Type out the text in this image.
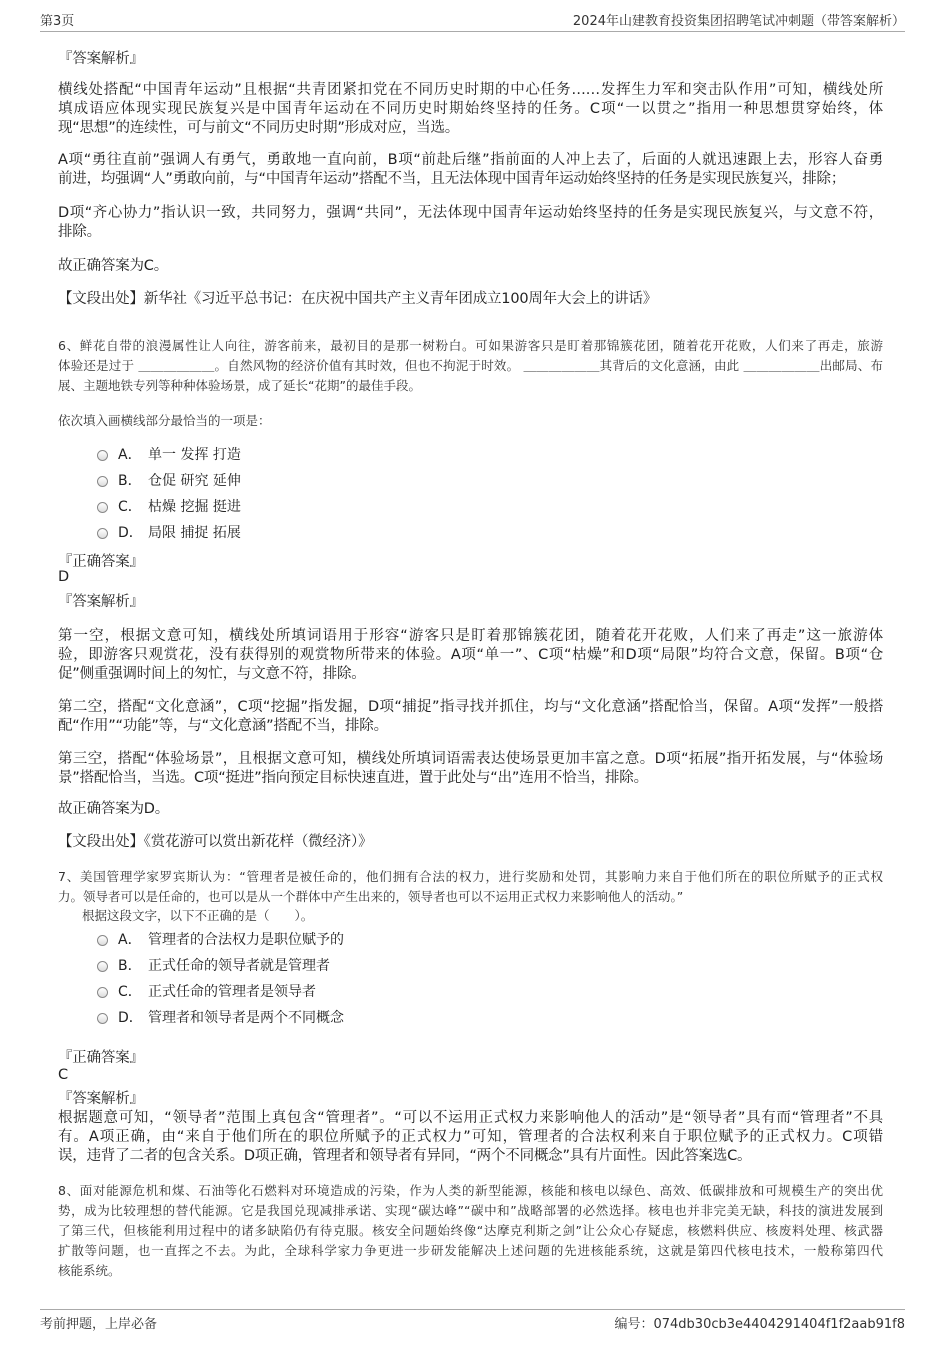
第3页	2024年山建教育投资集团招聘笔试冲刺题（带答案解析）
『答案解析』
横线处搭配“中国青年运动”且根据“共青团紧扣党在不同历史时期的中心任务……发挥生力军和突击队作用”可知，横线处所
填成语应体现实现民族复兴是中国青年运动在不同历史时期始终坚持的任务。C项“一以贯之”指用一种思想贯穿始终，体
现“思想”的连续性，可与前文“不同历史时期”形成对应，当选。
A项“勇往直前”强调人有勇气，勇敢地一直向前，B项“前赴后继”指前面的人冲上去了，后面的人就迅速跟上去，形容人奋勇
前进，均强调“人”勇敢向前，与“中国青年运动”搭配不当，且无法体现中国青年运动始终坚持的任务是实现民族复兴，排除；
D项“齐心协力”指认识一致，共同努力，强调“共同”，无法体现中国青年运动始终坚持的任务是实现民族复兴，与文意不符，
排除。
故正确答案为C。
【文段出处】新华社《习近平总书记：在庆祝中国共产主义青年团成立100周年大会上的讲话》
6、鲜花自带的浪漫属性让人向往，游客前来，最初目的是那一树粉白。可如果游客只是盯着那锦簇花团，随着花开花败，人们来了再走，旅游
体验还是过于 ＿＿＿＿＿＿。自然风物的经济价值有其时效，但也不拘泥于时效。 ＿＿＿＿＿＿其背后的文化意涵，由此 ＿＿＿＿＿＿出邮局、布
展、主题地铁专列等种种体验场景，成了延长“花期”的最佳手段。
依次填入画横线部分最恰当的一项是：
A． 单一 发挥 打造
B． 仓促 研究 延伸
C． 枯燥 挖掘 挺进
D． 局限 捕捉 拓展
『正确答案』
D
『答案解析』
第一空，根据文意可知，横线处所填词语用于形容“游客只是盯着那锦簇花团，随着花开花败，人们来了再走”这一旅游体
验，即游客只观赏花，没有获得别的观赏物所带来的体验。A项“单一”、C项“枯燥”和D项“局限”均符合文意，保留。B项“仓
促”侧重强调时间上的匆忙，与文意不符，排除。
第二空，搭配“文化意涵”，C项“挖掘”指发掘，D项“捕捉”指寻找并抓住，均与“文化意涵”搭配恰当，保留。A项“发挥”一般搭
配“作用”“功能”等，与“文化意涵”搭配不当，排除。
第三空，搭配“体验场景”，且根据文意可知，横线处所填词语需表达使场景更加丰富之意。D项“拓展”指开拓发展，与“体验场
景”搭配恰当，当选。C项“挺进”指向预定目标快速直进，置于此处与“出”连用不恰当，排除。
故正确答案为D。
【文段出处】《赏花游可以赏出新花样（微经济）》
7、美国管理学家罗宾斯认为：“管理者是被任命的，他们拥有合法的权力，进行奖励和处罚，其影响力来自于他们所在的职位所赋予的正式权
力。领导者可以是任命的，也可以是从一个群体中产生出来的，领导者也可以不运用正式权力来影响他人的活动。”
根据这段文字，以下不正确的是（　　）。
A． 管理者的合法权力是职位赋予的
B． 正式任命的领导者就是管理者
C． 正式任命的管理者是领导者
D． 管理者和领导者是两个不同概念
『正确答案』
C
『答案解析』
根据题意可知，“领导者”范围上真包含“管理者”。“可以不运用正式权力来影响他人的活动”是“领导者”具有而“管理者”不具
有。A项正确，由“来自于他们所在的职位所赋予的正式权力”可知，管理者的合法权利来自于职位赋予的正式权力。C项错
误，违背了二者的包含关系。D项正确，管理者和领导者有异同，“两个不同概念”具有片面性。因此答案选C。
8、面对能源危机和煤、石油等化石燃料对环境造成的污染，作为人类的新型能源，核能和核电以绿色、高效、低碳排放和可规模生产的突出优
势，成为比较理想的替代能源。它是我国兑现减排承诺、实现“碳达峰”“碳中和”战略部署的必然选择。核电也并非完美无缺，科技的演进发展到
了第三代，但核能利用过程中的诸多缺陷仍有待克服。核安全问题始终像“达摩克利斯之剑”让公众心存疑虑，核燃料供应、核废料处理、核武器
扩散等问题，也一直挥之不去。为此，全球科学家力争更进一步研发能解决上述问题的先进核能系统，这就是第四代核电技术，一般称第四代
核能系统。
考前押题，上岸必备	编号：074db30cb3e4404291404f1f2aab91f8
